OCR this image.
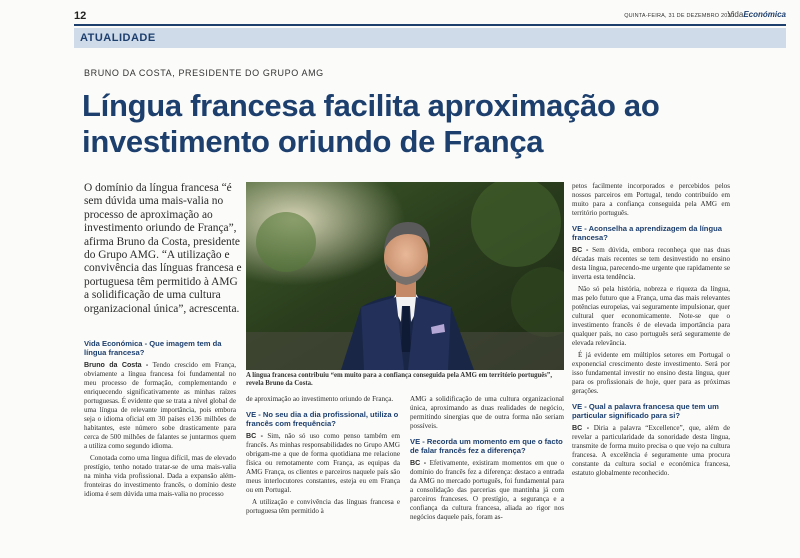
12	QUINTA-FEIRA, 31 DE DEZEMBRO 2020
VidaEconómica
ATUALIDADE
BRUNO DA COSTA, PRESIDENTE DO GRUPO AMG
Língua francesa facilita aproximação ao investimento oriundo de França
O domínio da língua francesa “é sem dúvida uma mais-valia no processo de aproximação ao investimento oriundo de França”, afirma Bruno da Costa, presidente do Grupo AMG. “A utilização e convivência das línguas francesa e portuguesa têm permitido à AMG a solidificação de uma cultura organizacional única”, acrescenta.
Vida Económica - Que imagem tem da língua francesa?

Bruno da Costa - Tendo crescido em França, obviamente a língua francesa foi fundamental no meu processo de formação, complementando e enriquecendo significativamente as minhas raízes portuguesas. É evidente que se trata a nível global de uma língua de relevante importância, pois embora seja o idioma oficial em 30 países e136 milhões de habitantes, este número sobe drasticamente para cerca de 500 milhões de falantes se juntarmos quem a utiliza como segundo idioma.

Conotada como uma língua difícil, mas de elevado prestígio, tenho notado tratar-se de uma mais-valia na minha vida profissional. Dada a expansão além-fronteiras do investimento francês, o domínio deste idioma é sem dúvida uma mais-valia no processo

A língua francesa contribuiu “em muito para a confiança conseguida pela AMG em território português”, revela Bruno da Costa.

de aproximação ao investimento oriundo de França.

VE - No seu dia a dia profissional, utiliza o francês com frequência?

BC - Sim, não só uso como penso também em francês. As minhas responsabilidades no Grupo AMG obrigam-me a que de forma quotidiana me relacione física ou remotamente com França, as equipas da AMG França, os clientes e parceiros naquele país são meus interlocutores constantes, esteja eu em França ou em Portugal.

A utilização e convivência das línguas francesa e portuguesa têm permitido à

AMG a solidificação de uma cultura organizacional única, aproximando as duas realidades de negócio, permitindo sinergias que de outra forma não seriam possíveis.

VE - Recorda um momento em que o facto de falar francês fez a diferença?

BC - Efetivamente, existiram momentos em que o domínio do francês fez a diferença: destaco a entrada da AMG no mercado português, foi fundamental para a consolidação das parcerias que mantinha já com parceiros franceses. O prestígio, a segurança e a confiança da cultura francesa, aliada ao rigor nos negócios daquele país, foram as-

petos facilmente incorporados e percebidos pelos nossos parceiros em Portugal, tendo contribuído em muito para a confiança conseguida pela AMG em território português.

VE - Aconselha a aprendizagem da língua francesa?

BC - Sem dúvida, embora reconheça que nas duas décadas mais recentes se tem desinvestido no ensino desta língua, parecendo-me urgente que rapidamente se inverta esta tendência.

Não só pela história, nobreza e riqueza da língua, mas pelo futuro que a França, uma das mais relevantes potências europeias, vai seguramente impulsionar, quer cultural quer economicamente. Note-se que o investimento francês é de elevada importância para qualquer país, no caso português será seguramente de elevada relevância.

É já evidente em múltiplos setores em Portugal o exponencial crescimento deste investimento. Será por isso fundamental investir no ensino desta língua, quer para os profissionais de hoje, quer para as próximas gerações.

VE - Qual a palavra francesa que tem um particular significado para si?

BC - Diria a palavra “Excellence”, que, além de revelar a particularidade da sonoridade desta língua, transmite de forma muito precisa o que vejo na cultura francesa. A excelência é seguramente uma procura constante da cultura social e económica francesa, estatuto globalmente reconhecido.
